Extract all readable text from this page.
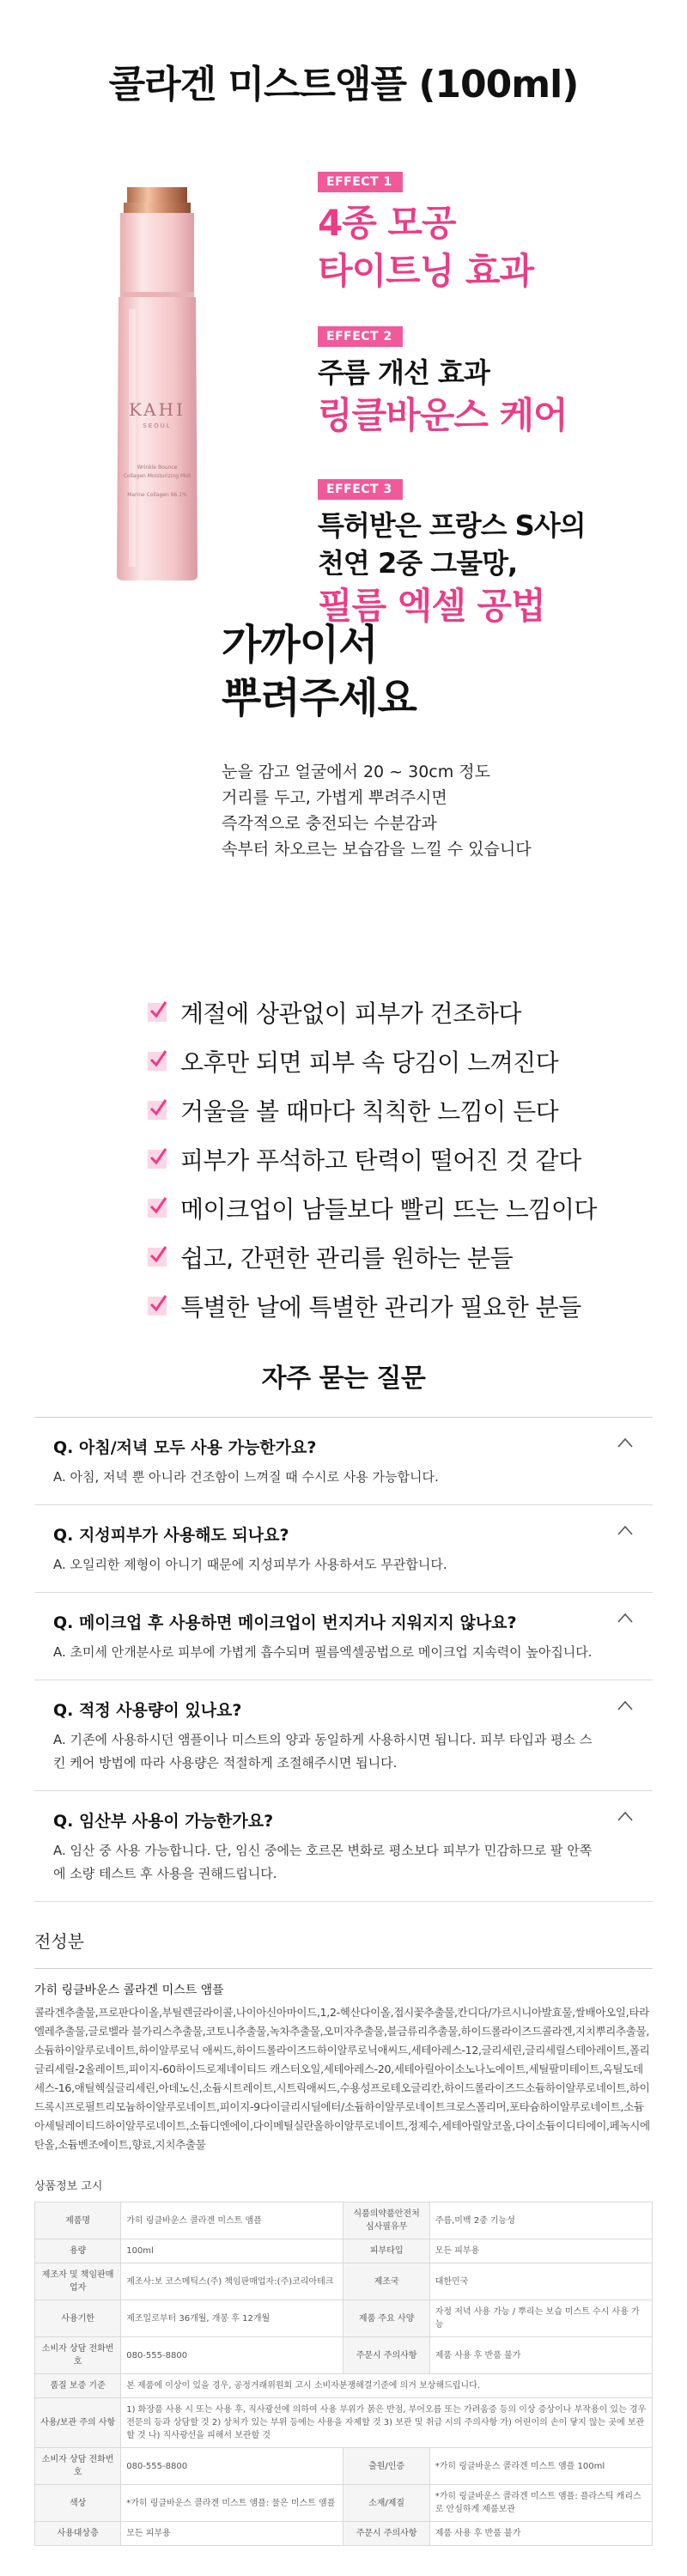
콜라겐 미스트앰플 (100ml)
KAHI
SEOUL
Wrinkle Bounce
Collagen Moisturizing Mist
Marine Collagen 96.1%
EFFECT 1
4종 모공
타이트닝 효과
EFFECT 2
주름 개선 효과
링클바운스 케어
EFFECT 3
특허받은 프랑스 S사의
천연 2중 그물망,
필름 엑셀 공법
가까이서
뿌려주세요
눈을 감고 얼굴에서 20 ~ 30cm 정도
거리를 두고, 가볍게 뿌려주시면
즉각적으로 충전되는 수분감과
속부터 차오르는 보습감을 느낄 수 있습니다
계절에 상관없이 피부가 건조하다
오후만 되면 피부 속 당김이 느껴진다
거울을 볼 때마다 칙칙한 느낌이 든다
피부가 푸석하고 탄력이 떨어진 것 같다
메이크업이 남들보다 빨리 뜨는 느낌이다
쉽고, 간편한 관리를 원하는 분들
특별한 날에 특별한 관리가 필요한 분들
자주 묻는 질문
Q. 아침/저녁 모두 사용 가능한가요?
A. 아침, 저녁 뿐 아니라 건조함이 느껴질 때 수시로 사용 가능합니다.
Q. 지성피부가 사용해도 되나요?
A. 오일리한 제형이 아니기 때문에 지성피부가 사용하셔도 무관합니다.
Q. 메이크업 후 사용하면 메이크업이 번지거나 지워지지 않나요?
A. 초미세 안개분사로 피부에 가볍게 흡수되며 필름엑셀공법으로 메이크업 지속력이 높아집니다.
Q. 적정 사용량이 있나요?
A. 기존에 사용하시던 앰플이나 미스트의 양과 동일하게 사용하시면 됩니다. 피부 타입과 평소 스킨 케어 방법에 따라 사용량은 적절하게 조절해주시면 됩니다.
Q. 임산부 사용이 가능한가요?
A. 임산 중 사용 가능합니다. 단, 임신 중에는 호르몬 변화로 평소보다 피부가 민감하므로 팔 안쪽에 소량 테스트 후 사용을 권해드립니다.
전성분
가히 링클바운스 콜라겐 미스트 앰플
콜라겐추출물,프로판다이올,부틸렌글라이콜,나이아신아마이드,1,2-헥산다이올,접시꽃추출물,칸디다/가르시니아발효물,쌀배아오일,타라엘레추출물,글로벨라 블가리스추출물,코토니추출물,녹차추출물,오미자추출물,블금류리추출물,하이드롤라이즈드콜라겐,지치뿌리추출물,소듐하이알루로네이트,하이알루로닉 애씨드,하이드롤라이즈드하이알루로닉애씨드,세테아레스-12,글리세린,글리세릴스테아레이트,폴리글리세릴-2올레이트,피이지-60하이드로제네이티드 캐스터오일,세테아레스-20,세테아릴아이소노나노에이트,세틸팔미테이트,옥틸도데세스-16,애틸헥실글리세린,아데노신,소듐시트레이트,시트릭애씨드,수용성프로테오글리칸,하이드롤라이즈드소듐하이알루로네이트,하이드록시프로필트리모늄하이알루로네이트,피이지-9다이글리시딜에터/소듐하이알루로네이트크로스폴리머,포타슘하이알루로네이트,소듐아세틸레이티드하이알루로네이트,소듐디엔에이,다이메틸실란올하이알루로네이트,정제수,세테아릴알코올,다이소듐이디티에이,페녹시에탄올,소듐벤조에이트,향료,지치추출물
상품정보 고시
제품명	가히 링클바운스 콜라겐 미스트 앰플	식품의약품안전처 심사필유무	주름,미백 2중 기능성
용량	100ml	피부타입	모든 피부용
제조자 및 책임판매업자	제조사:보 코스메틱스(주) 책임판매업자:(주)코리아테크	제조국	대한민국
사용기한	제조일로부터 36개월, 개봉 후 12개월	제품 주요 사양	자정 저녁 사용 가능 / 뿌리는 보습 미스트 수시 사용 가능
소비자 상담 전화번호	080-555-8800	주문시 주의사항	제품 사용 후 반품 불가
품질 보증 기준	본 제품에 이상이 있을 경우, 공정거래위원회 고시 소비자분쟁해결기준에 의거 보상해드립니다.		
사용/보관 주의 사항	1) 화장품 사용 시 또는 사용 후, 직사광선에 의하여 사용 부위가 붉은 반점, 부어오름 또는 가려움증 등의 이상 증상이나 부작용이 있는 경우 전문의 등과 상담할 것 2) 상처가 있는 부위 등에는 사용을 자제할 것 3) 보관 및 취급 시의 주의사항 가) 어린이의 손이 닿지 않는 곳에 보관할 것 나) 직사광선을 피해서 보관할 것		
소비자 상담 전화번호	080-555-8800	출원/인증	*가히 링클바운스 콜라겐 미스트 앰플 100ml
색상	*가히 링클바운스 콜라겐 미스트 앰플: 물은 미스트 앰플	소재/제질	*가히 링클바운스 콜라겐 미스트 앰플: 플라스틱 캐리스로 안심하게 제품보관
사용대상층	모든 피부용	주문시 주의사항	제품 사용 후 반품 불가
